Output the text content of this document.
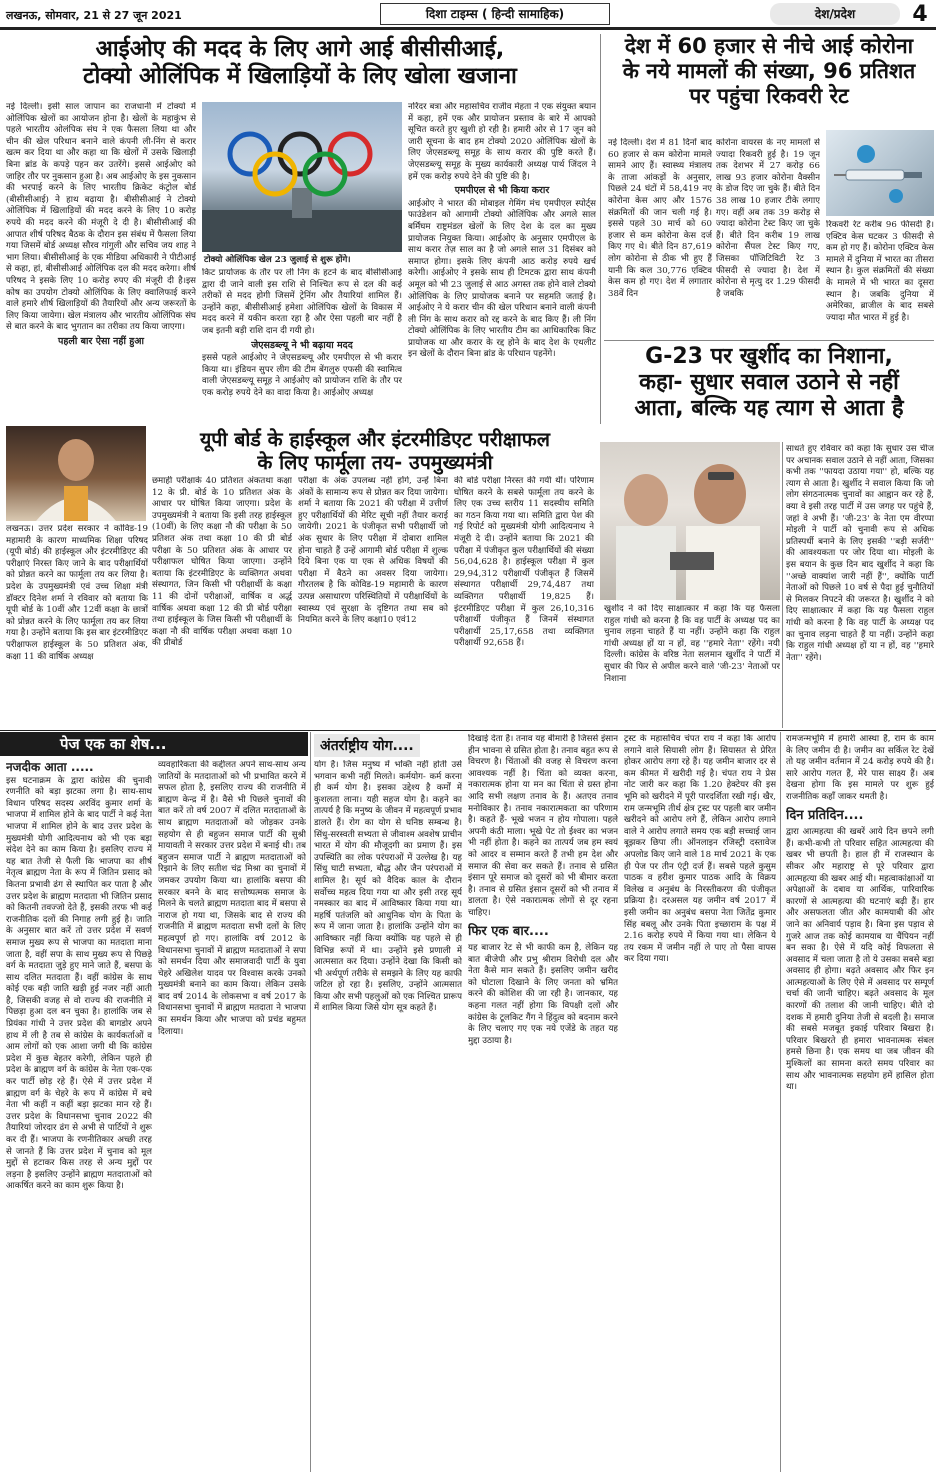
लखनऊ, सोमवार, 21 से 27 जून 2021	दिशा टाइम्स ( हिन्दी सामाहिक)	देश/प्रदेश	4
आईओए की मदद के लिए आगे आई बीसीसीआई,
टोक्यो ओलिंपिक में खिलाड़ियों के लिए खोला खजाना
नई दिल्ली। इसी साल जापान का राजधानी में टोक्यो में ओलिंपिक खेलों का आयोजन होना है। खेलों के महाकुंभ से पहले भारतीय ओलंपिक संघ ने एक फैसला लिया था और चीन की खेल परिधान बनाने वाले कंपनी ली-निंग से करार खत्म कर दिया था और कहा था कि खेलों में उसके खिलाड़ी बिना ब्रांड के कपड़े पहन कर उतरेंगे। इससे आईओए को जाहिर तौर पर नुकसान हुआ है। अब आईओए के इस नुकसान की भरपाई करने के लिए भारतीय क्रिकेट कंट्रोल बोर्ड (बीसीसीआई) ने हाथ बढ़ाया है। बीसीसीआई ने टोक्यो ओलिंपिक में खिलाड़ियों की मदद करने के लिए 10 करोड़ रुपये की मदद करने की मंजूरी दे दी है। बीसीसीआई की आपात शीर्ष परिषद बैठक के दौरान इस संबंध में फैसला लिया गया जिसमें बोर्ड अध्यक्ष सौरव गांगुली और सचिव जय शाह ने भाग लिया। बीसीसीआई के एक मीडिया अधिकारी ने पीटीआई से कहा, हां, बीसीसीआई ओलिंपिक दल की मदद करेगा। शीर्ष परिषद ने इसके लिए 10 करोड़ रुपए की मंजूरी दी है।इस कोष का उपयोग टोक्यो ओलिंपिक के लिए क्वालिफाई करने वाले हमारे शीर्ष खिलाड़ियों की तैयारियों और अन्य जरूरतों के लिए किया जायेगा। खेल मंत्रालय और भारतीय ओलिंपिक संघ से बात करने के बाद भुगतान का तरीका तय किया जाएगा।
पहली बार ऐसा नहीं हुआ
टोक्यो ओलिंपिक खेल 23 जुलाई से शुरू होंगे।
किट प्रायोजक के तौर पर ली निंग के हटने के बाद बीसीसीआई द्वारा दी जाने वाली इस राशि से निश्चित रूप से दल की कई तरीकों से मदद होगी जिसमें ट्रेनिंग और तैयारियां शामिल हैं। उन्होंने कहा, बीसीसीआई हमेशा ओलिंपिक खेलों के विकास में मदद करने में यकीन करता रहा है और ऐसा पहली बार नहीं है जब इतनी बड़ी राशि दान दी गयी हो।
जेएसडब्ल्यू ने भी बढ़ाया मदद
इससे पहले आईओए ने जेएसडब्ल्यू और एमपीएल से भी करार किया था। इंडियन सुपर लीग की टीम बेंगलुरु एफसी की स्वामित्व वाली जेएसडब्ल्यू समूह ने आईओए को प्रायोजन राशि के तौर पर एक करोड़ रुपये देने का वादा किया है। आईओए अध्यक्ष
नरिंदर बत्रा और महासचिव राजीव मेहता ने एक संयुक्त बयान में कहा, हमें एक और प्रायोजन प्रस्ताव के बारे में आपको सूचित करते हुए खुशी हो रही है। हमारी ओर से 17 जून को जारी सूचना के बाद हम टोक्यो 2020 ओलिंपिक खेलों के लिए जेएसडब्ल्यू समूह के साथ करार की पुष्टि करते हैं। जेएसडब्ल्यू समूह के मुख्य कार्यकारी अध्यक्ष पार्थ जिंदल ने हमें एक करोड़ रुपये देने की पुष्टि की है।
एमपीएल से भी किया करार
आईओए ने भारत की मोबाइल गेमिंग मंच एमपीएल स्पोर्ट्स फाउंडेशन को आगामी टोक्यो ओलिंपिक और अगले साल बर्मिंघम राष्ट्रमंडल खेलों के लिए देश के दल का मुख्य प्रायोजक नियुक्त किया। आईओए के अनुसार एमपीएल के साथ करार तेज़ साल का है जो अगले साल 31 दिसंबर को समाप्त होगा। इसके लिए कंपनी आठ करोड़ रुपये खर्च करेगी। आईओए ने इसके साथ ही टिमटक द्वारा साथ कंपनी अमूल को भी 23 जुलाई से आठ अगस्त तक होने वाले टोक्यो ओलिंपिक के लिए प्रायोजक बनाने पर सहमति जताई है। आईओए ने ये करार चीन की खेल परिधान बनाने वाली कंपनी ली निंग के साथ करार को रद्द करने के बाद किए हैं। ली निंग टोक्यो ओलिंपिक के लिए भारतीय टीम का आधिकारिक किट प्रायोजक था और करार के रद्द होने के बाद देश के एथलीट इन खेलों के दौरान बिना ब्रांड के परिधान पहनेंगे।
देश में 60 हजार से नीचे आई कोरोना
के नये मामलों की संख्या, 96 प्रतिशत
पर पहुंचा रिकवरी रेट
नई दिल्ली। देश में 81 दिनों बाद 60 हजार से कम कोरोना मामले सामने आए हैं। स्वास्थ्य मंत्रालय के ताजा आंकड़ों के अनुसार, पिछले 24 घंटों में 58,419 नए कोरोना केस आए और 1576 संक्रमितों की जान चली गई है। इससे पहले 30 मार्च को 60 हजार से कम कोरोना केस दर्ज किए गए थे। बीते दिन 87,619 लोग कोरोना से ठीक भी हुए हैं यानी कि कल 30,776 एक्टिव केस कम हो गए। देश में लगातार 38वें दिन
कोरोना वायरस के नए मामलों से ज्यादा रिकवरी हुई है। 19 जून तक देशभर में 27 करोड़ 66 लाख 93 हजार कोरोना वैक्सीन के डोज दिए जा चुके हैं। बीते दिन 38 लाख 10 हजार टीके लगाए गए। वहीं अब तक 39 करोड़ से ज्यादा कोरोना टेस्ट किए जा चुके हैं। बीते दिन करीब 19 लाख कोरोना सैंपल टेस्ट किए गए, जिसका पॉजिटिविटी रेट 3 फीसदी से ज्यादा है। देश में कोरोना से मृत्यु दर 1.29 फीसदी है जबकि
रिकवरी रेट करीब 96 फीसदी है। एक्टिव केस घटकर 3 फीसदी से कम हो गए हैं। कोरोना एक्टिव केस मामले में दुनिया में भारत का तीसरा स्थान है। कुल संक्रमितों की संख्या के मामले में भी भारत का दूसरा स्थान है। जबकि दुनिया में अमेरिका, ब्राजील के बाद सबसे ज्यादा मौत भारत में हुई है।
G-23 पर खुर्शीद का निशाना,
कहा- सुधार सवाल उठाने से नहीं
आता, बल्कि यह त्याग से आता है
खुर्शीद ने को दिए साक्षात्कार में कहा कि यह फैसला राहुल गांधी को करना है कि वह पार्टी के अध्यक्ष पद का चुनाव लड़ना चाहते हैं या नहीं। उन्होंने कहा कि राहुल गांधी अध्यक्ष हों या न हों, वह ''हमारे नेता'' रहेंगे। नयी दिल्ली। कांग्रेस के वरिष्ठ नेता सलमान खुर्शीद ने पार्टी में सुधार की फिर से अपील करने वाले 'जी-23' नेताओं पर निशाना
साधते हुए रविवार को कहा कि सुधार उस चीज पर अचानक सवाल उठाने से नहीं आता, जिसका कभी तक ''फायदा उठाया गया'' हो, बल्कि यह त्याग से आता है। खुर्शीद ने सवाल किया कि जो लोग संगठनात्मक चुनावों का आह्वान कर रहे हैं, क्या वे इसी तरह पार्टी में उस जगह पर पहुंचे हैं, जहां वे अभी हैं। 'जी-23' के नेता एम वीरप्पा मोइली ने पार्टी को चुनावी रूप से अधिक प्रतिस्पर्धी बनाने के लिए इसकी ''बड़ी सर्जरी'' की आवश्यकता पर जोर दिया था। मोइली के इस बयान के कुछ दिन बाद खुर्शीद ने कहा कि ''अच्छे वाक्यांश जारी नहीं हैं'', क्योंकि पार्टी नेताओं को पिछले 10 वर्ष से पैदा हुई चुनौतियों से मिलकर निपटने की जरूरत है। खुर्शीद ने को दिए साक्षात्कार में कहा कि यह फैसला राहुल गांधी को करना है कि वह पार्टी के अध्यक्ष पद का चुनाव लड़ना चाहते हैं या नहीं। उन्होंने कहा कि राहुल गांधी अध्यक्ष हों या न हों, वह ''हमारे नेता'' रहेंगे।
यूपी बोर्ड के हाईस्कूल और इंटरमीडिएट परीक्षाफल
के लिए फार्मूला तय- उपमुख्यमंत्री
लखनऊ। उत्तर प्रदेश सरकार ने कोविड-19 महामारी के कारण माध्यमिक शिक्षा परिषद (यूपी बोर्ड) की हाईस्कूल और इंटरमीडिएट की परीक्षाएं निरस्त किए जाने के बाद परीक्षार्थियों को प्रोन्नत करने का फार्मूला तय कर लिया है। प्रदेश के उपमुख्यमंत्री एवं उच्च शिक्षा मंत्री डॉक्टर दिनेश शर्मा ने रविवार को बताया कि यूपी बोर्ड के 10वीं और 12वीं कक्षा के छात्रों को प्रोन्नत करने के लिए फार्मूला तय कर लिया गया है। उन्होंने बताया कि इस बार इंटरमीडिएट परीक्षाफल हाईस्कूल के 50 प्रतिशत अंक, कक्षा 11 की वार्षिक अध्यक्ष
छमाही परीक्षाके 40 प्रतिशत अंकतथा कक्षा 12 के प्री. बोर्ड के 10 प्रतिशत अंक के आधार पर घोषित किया जाएगा। प्रदेश के उपमुख्यमंत्री ने बताया कि इसी तरह हाईस्कूल (10वीं) के लिए कक्षा नौ की परीक्षा के 50 प्रतिशत अंक तथा कक्षा 10 की प्री बोर्ड परीक्षा के 50 प्रतिशत अंक के आधार पर परीक्षाफल घोषित किया जाएगा। उन्होंने बताया कि इंटरमीडिएट के व्यक्तिगत अथवा संस्थागत, जिन किसी भी परीक्षार्थी के कक्षा 11 की दोनों परीक्षाओं, वार्षिक व अर्द्ध वार्षिक अथवा कक्षा 12 की प्री बोर्ड परीक्षा तथा हाईस्कूल के जिस किसी भी परीक्षार्थी के कक्षा नौ की वार्षिक परीक्षा अथवा कक्षा 10 की प्रीबोर्ड
परीक्षा के अंक उपलब्ध नहीं होंगे, उन्हें बिना अंकों के सामान्य रूप से प्रोन्नत कर दिया जायेगा। शर्मा ने बताया कि 2021 की परीक्षा में उत्तीर्ण हुए परीक्षार्थियों की मेरिट सूची नहीं तैयार कराई जायेगी। 2021 के पंजीकृत सभी परीक्षार्थी जो अंक सुधार के लिए परीक्षा में दोबारा शामिल होना चाहते हैं उन्हें आगामी बोर्ड परीक्षा में शुल्क दिये बिना एक या एक से अधिक विषयों की परीक्षा में बैठने का अवसर दिया जायेगा। गौरतलब है कि कोविड-19 महामारी के कारण उत्पन्न असाधारण परिस्थितियों में परीक्षार्थियों के स्वास्थ्य एवं सुरक्षा के दृष्टिगत तथा सब को नियमित करने के लिए कक्षा10 एवं12
की बोर्ड परीक्षा निरस्त की गयी थीं। परिणाम घोषित करने के सबसे फार्मूला तय करने के लिए एक उच्च स्तरीय 11 सदस्यीय समिति का गठन किया गया था। समिति द्वारा पेश की गई रिपोर्ट को मुख्यमंत्री योगी आदित्यनाथ ने मंजूरी दे दी। उन्होंने बताया कि 2021 की परीक्षा में पंजीकृत कुल परीक्षार्थियों की संख्या 56,04,628 है। हाईस्कूल परीक्षा में कुल 29,94,312 परीक्षार्थी पंजीकृत हैं जिसमें संस्थागत परीक्षार्थी 29,74,487 तथा व्यक्तिगत परीक्षार्थी 19,825 हैं। इंटरमीडिएट परीक्षा में कुल 26,10,316 परीक्षार्थी पंजीकृत हैं जिनमें संस्थागत परीक्षार्थी 25,17,658 तथा व्यक्तिगत परीक्षार्थी 92,658 हैं।
पेज एक का शेष...
नजदीक आता .....
इस घटनाक्रम के द्वारा कांग्रेस की चुनावी रणनीति को बड़ा झटका लगा है। साथ-साथ विधान परिषद सदस्य अरविंद कुमार शर्मा के भाजपा में शामिल होने के बाद पार्टी ने कई नेता भाजपा में शामिल होने के बाद उत्तर प्रदेश के मुख्यमंत्री योगी आदित्यनाथ को भी एक बड़ा संदेश देने का काम किया है। इसलिए राज्य में यह बात तेजी से फैली कि भाजपा का शीर्ष नेतृत्व ब्राह्मण नेता के रूप में जितिन प्रसाद को कितना प्रभावी ढंग से स्थापित कर पाता है और उत्तर प्रदेश के ब्राह्मण मतदाता भी जितिन प्रसाद को कितनी तवज्जो देते हैं, इसकी तरफ भी कई राजनीतिक दलों की निगाह लगी हुई है। जाति के अनुसार बात करें तो उत्तर प्रदेश में सवर्ण समाज मुख्य रूप से भाजपा का मतदाता माना जाता है, वहीं सपा के साथ मुख्य रूप से पिछड़े वर्ग के मतदाता जुड़े हुए माने जाते हैं, बसपा के साथ दलित मतदाता हैं। वहीं कांग्रेस के साथ कोई एक बड़ी जाति खड़ी हुई नजर नहीं आती है, जिसकी वजह से वो राज्य की राजनीति में पिछड़ा हुआ दल बन चुका है। हालांकि जब से प्रियंका गांधी ने उत्तर प्रदेश की बागडोर अपने हाथ में ली है तब से कांग्रेस के कार्यकर्ताओं व आम लोगों को एक आशा जगी थी कि कांग्रेस प्रदेश में कुछ बेहतर करेगी, लेकिन पहले ही प्रदेश के ब्राह्मण वर्ग के कांग्रेस के नेता एक-एक कर पार्टी छोड़ रहे हैं। ऐसे में उत्तर प्रदेश में ब्राह्मण वर्ग के चेहरे के रूप में कांग्रेस में बचे नेता भी कहीं न कहीं बड़ा झटका मान रहे हैं। उत्तर प्रदेश के विधानसभा चुनाव 2022 की तैयारियां जोरदार ढंग से अभी से पार्टियों ने शुरू कर दी हैं। भाजपा के रणनीतिकार अच्छी तरह से जानते हैं कि उत्तर प्रदेश में चुनाव को मूल मुद्दों से हटाकर किस तरह से अन्य मुद्दों पर लड़ना है इसलिए उन्होंने ब्राह्मण मतदाताओं को आकर्षित करने का काम शुरू किया है।
व्यवहारिकता की कद्दीलत अपने साथ-साथ अन्य जातियों के मतदाताओं को भी प्रभावित करने में सफल होता है, इसलिए राज्य की राजनीति में ब्राह्मण केन्द्र में है। वैसे भी पिछले चुनावों की बात करें तो वर्ष 2007 में दलित मतदाताओं के साथ ब्राह्मण मतदाताओं को जोड़कर उनके सहयोग से ही बहुजन समाज पार्टी की सुश्री मायावती ने सरकार उत्तर प्रदेश में बनाई थी। तब बहुजन समाज पार्टी ने ब्राह्मण मतदाताओं को रिझाने के लिए सतीश चंद्र मिश्रा का चुनावों में जमकर उपयोग किया था। हालांकि बसपा की सरकार बनने के बाद सत्तोष्पत्मक समाज के मिलने के चलते ब्राह्मण मतदाता बाद में बसपा से नाराज हो गया था, जिसके बाद से राज्य की राजनीति में ब्राह्मण मतदाता सभी दलों के लिए महत्वपूर्ण हो गए। हालांकि वर्ष 2012 के विधानसभा चुनावों में ब्राह्मण मतदाताओं ने सपा को समर्थन दिया और समाजवादी पार्टी के युवा चेहरे अखिलेश यादव पर विश्वास करके उनको मुख्यमंत्री बनाने का काम किया। लेकिन उसके बाद वर्ष 2014 के लोकसभा व वर्ष 2017 के विधानसभा चुनावों में ब्राह्मण मतदाता ने भाजपा का समर्थन किया और भाजपा को प्रचंड बहुमत दिलाया।
अंतर्राष्ट्रीय योग....
योग है। जिस मनुष्य में भक्ति नहीं होती उसे भगवान कभी नहीं मिलते। कर्मयोग- कर्म करना ही कर्म योग है। इसका उद्देश्य है कर्मों में कुशलता लाना। यही सहज योग है। कहने का तात्पर्य है कि मनुष्य के जीवन में महत्वपूर्ण प्रभाव डालते हैं। रोग का योग से घनिष्ठ सम्बन्ध है। सिंधु-सरस्वती सभ्यता से जीवाश्म अवशेष प्राचीन भारत में योग की मौजूदगी का प्रमाण हैं। इस उपस्थिति का लोक परंपराओं में उल्लेख है। यह सिंधु घाटी सभ्यता, बौद्ध और जैन परंपराओं में शामिल है। सूर्य को वैदिक काल के दौरान सर्वोच्च महत्व दिया गया था और इसी तरह सूर्य नमस्कार का बाद में आविष्कार किया गया था। महर्षि पतंजलि को आधुनिक योग के पिता के रूप में जाना जाता है। हालांकि उन्होंने योग का आविष्कार नहीं किया क्योंकि यह पहले से ही विभिन्न रूपों में था। उन्होंने इसे प्रणाली में आत्मसात कर दिया। उन्होंने देखा कि किसी को भी अर्थपूर्ण तरीके से समझने के लिए यह काफी जटिल हो रहा है। इसलिए, उन्होंने आत्मसात किया और सभी पहलुओं को एक निश्चित प्रारूप में शामिल किया जिसे योग सूत्र कहते हैं।
दिखाई देता है। तनाव यह बीमारी है जिससे इंसान हीन भावना से ग्रसित होता है। तनाव बहुत रूप से विचरण है। चिंताओं की वजह से विचरण करना आवश्यक नहीं है। चिंता को व्यक्त करना, नकारात्मक होना या मन का चिंता से ग्रस्त होना आदि सभी लक्षण तनाव के हैं। अतएव तनाव मनोविकार है। तनाव नकारात्मकता का परिणाम है। कहते हैं- भूखे भजन न होय गोपाला। पहले अपनी कंठी माला। भूखे पेट तो ईश्वर का भजन भी नहीं होता है। कहने का तात्पर्य जब हम स्वयं को आदर व सम्मान करते हैं तभी हम देश और समाज की सेवा कर सकते हैं। तनाव से ग्रसित इंसान पूरे समाज को दूसरों को भी बीमार करता है। तनाव से ग्रसित इंसान दूसरों को भी तनाव में डालता है। ऐसे नकारात्मक लोगों से दूर रहना चाहिए।
फिर एक बार....
यह बाजार रेट से भी काफी कम है, लेकिन यह बात बीजेपी और प्रभु श्रीराम विरोधी दल और नेता कैसे मान सकते हैं। इसलिए जमीन खरीद को घोटाला दिखाने के लिए जनता को भ्रमित करने की कोशिश की जा रही है। जानकार, यह कहना गलत नहीं होगा कि विपक्षी दलों और कांग्रेस के टूलकिट गैंग ने हिंदुत्व को बदनाम करने के लिए चलाए गए एक नये एजेंडे के तहत यह मुद्दा उठाया है।
ट्रस्ट के महासचिव चंपत राय ने कहा कि आरोप लगाने वाले सियासी लोग हैं। सियासत से प्रेरित होकर आरोप लगा रहे हैं। यह जमीन बाजार दर से कम कीमत में खरीदी गई है। चंपत राय ने प्रेस नोट जारी कर कहा कि 1.20 हेक्टेयर की इस भूमि को खरीदने में पूरी पारदर्शिता रखी गई। खैर, राम जन्मभूमि तीर्थ क्षेत्र ट्रस्ट पर पहली बार जमीन खरीदने को आरोप लगे हैं, लेकिन आरोप लगाने वाले ने आरोप लगाते समय एक बड़ी सच्चाई जान बूझकर छिपा ली। ऑनलाइन रजिस्ट्री दस्तावेज अपलोड किए जाने वाले 18 मार्च 2021 के एक ही पेज पर तीन एंट्री दर्ज हैं। सबसे पहले कुसुम पाठक व हरीश कुमार पाठक आदि के विक्रय विलेख व अनुबंध के निरस्तीकरण की पंजीकृत प्रक्रिया है। दरअसल यह जमीन वर्ष 2017 में इसी जमीन का अनुबंध बसपा नेता जितेंद्र कुमार सिंह बबलू और उनके पिता इच्छाराम के पक्ष में 2.16 करोड़ रुपये में किया गया था। लेकिन ये तय रकम में जमीन नहीं ले पाए तो पैसा वापस कर दिया गया।
रामजन्मभूमि में हमारी आस्था है, राम के काम के लिए जमीन दी है। जमीन का सर्किल रेट देखें तो यह जमीन वर्तमान में 24 करोड़ रुपये की है। सारे आरोप गलत हैं, मेरे पास साक्ष्य हैं। अब देखना होगा कि इस मामले पर शुरू हुई राजनीतिक कहाँ जाकर थमती है।
दिन प्रतिदिन....
द्वारा आत्महत्या की खबरें आये दिन छपने लगी हैं। कभी-कभी तो परिवार सहित आत्महत्या की खबर भी छपती है। हाल ही में राजस्थान के सीकर और महाराष्ट्र से पूरे परिवार द्वारा आत्महत्या की खबर आई थी। महत्वाकांक्षाओं या अपेक्षाओं के दबाव या आर्थिक, पारिवारिक कारणों से आत्महत्या की घटनाएं बढ़ी हैं। हार और असफलता जीत और कामयाबी की ओर जाने का अनिवार्य पड़ाव है। बिना इस पड़ाव से गुजरे आज तक कोई कामयाब या चैंपियन नहीं बन सका है। ऐसे में यदि कोई विफलता से अवसाद में चला जाता है तो ये उसका सबसे बड़ा अवसाद ही होगा। बढ़ते अवसाद और फिर इन आत्महत्याओं के लिए ऐसे में अवसाद पर सम्पूर्ण चर्चा की जानी चाहिए। बढ़ते अवसाद के मूल कारणों की तलाश की जानी चाहिए। बीते दो दशक में हमारी दुनिया तेजी से बदली है। समाज की सबसे मजबूत इकाई परिवार बिखरा है। परिवार बिखरते ही हमारा भावनात्मक संबल हमसे छिना है। एक समय था जब जीवन की मुश्किलों का सामना करते समय परिवार का साथ और भावनात्मक सहयोग हमें हासिल होता था।
